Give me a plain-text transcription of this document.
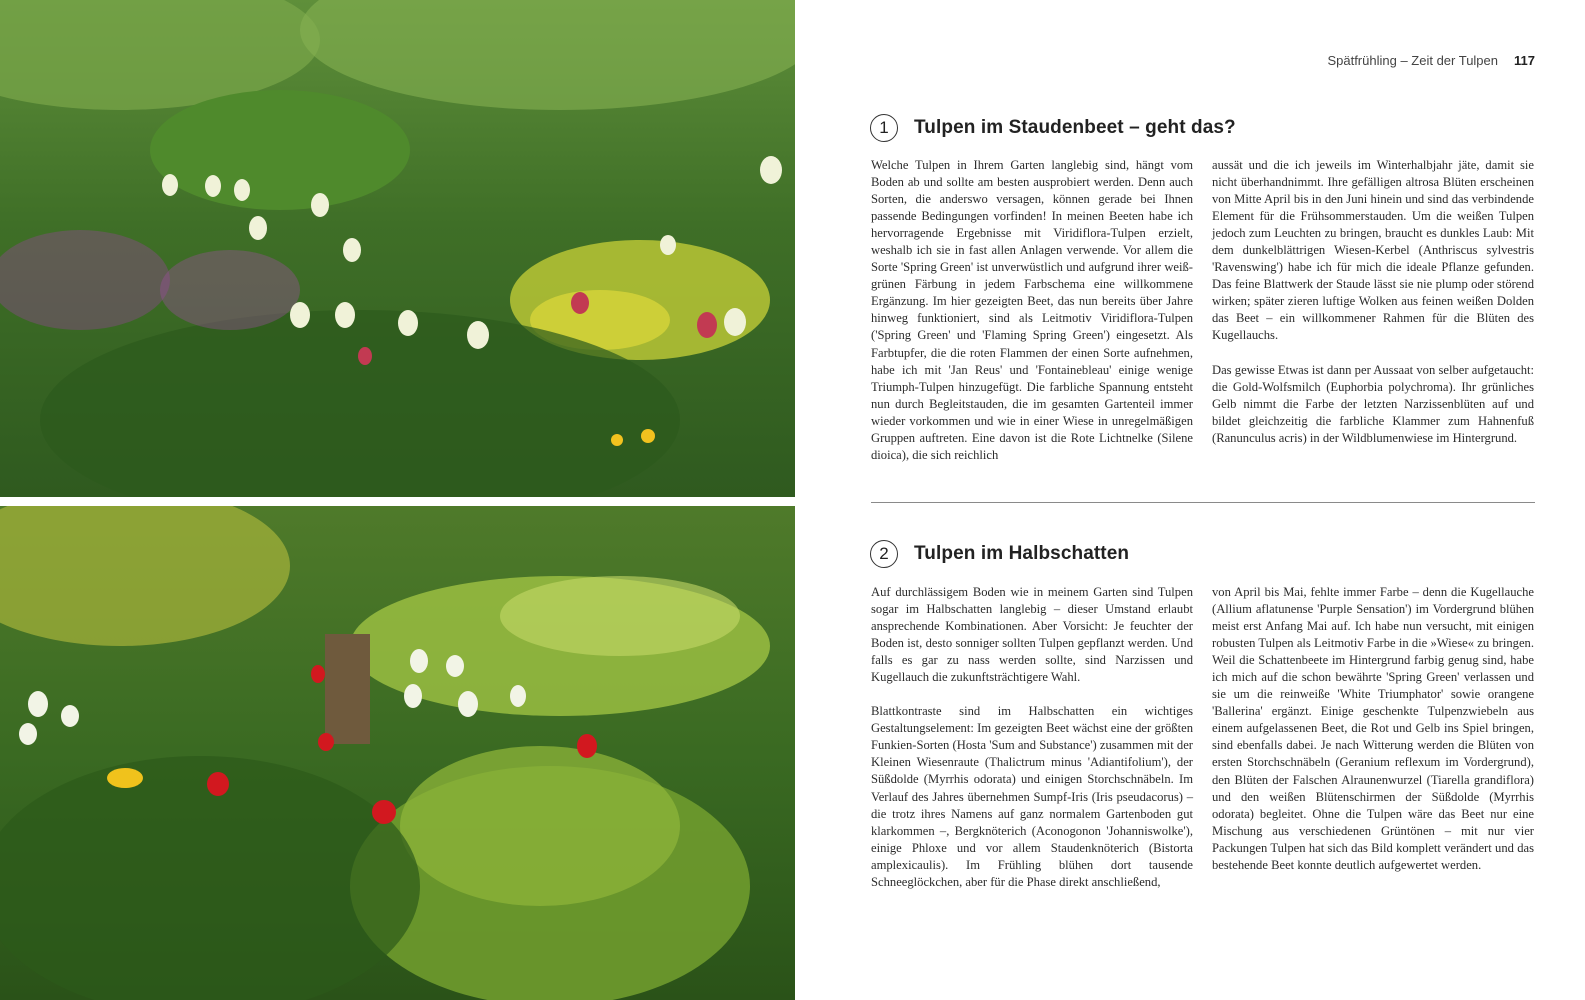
Spätfrühling – Zeit der Tulpen 117
1	Tulpen im Staudenbeet – geht das?

Welche Tulpen in Ihrem Garten langlebig sind, hängt vom Boden ab und sollte am besten ausprobiert werden. Denn auch Sorten, die anderswo versagen, können gerade bei Ihnen passende Bedingungen vorfinden! In meinen Beeten habe ich hervorragende Ergebnisse mit Viridiflora-Tulpen erzielt, weshalb ich sie in fast allen Anlagen verwende. Vor allem die Sorte 'Spring Green' ist unverwüstlich und aufgrund ihrer weiß-grünen Färbung in jedem Farbschema eine willkommene Ergänzung. Im hier gezeigten Beet, das nun bereits über Jahre hinweg funktioniert, sind als Leitmotiv Viridiflora-Tulpen ('Spring Green' und 'Flaming Spring Green') eingesetzt. Als Farbtupfer, die die roten Flammen der einen Sorte aufnehmen, habe ich mit 'Jan Reus' und 'Fontainebleau' einige wenige Triumph-Tulpen hinzugefügt. Die farbliche Spannung entsteht nun durch Begleitstauden, die im gesamten Gartenteil immer wieder vorkommen und wie in einer Wiese in unregelmäßigen Gruppen auftreten. Eine davon ist die Rote Lichtnelke (Silene dioica), die sich reichlich

aussät und die ich jeweils im Winterhalbjahr jäte, damit sie nicht überhandnimmt. Ihre gefälligen altrosa Blüten erscheinen von Mitte April bis in den Juni hinein und sind das verbindende Element für die Frühsommerstauden. Um die weißen Tulpen jedoch zum Leuchten zu bringen, braucht es dunkles Laub: Mit dem dunkelblättrigen Wiesen-Kerbel (Anthriscus sylvestris 'Ravenswing') habe ich für mich die ideale Pflanze gefunden. Das feine Blattwerk der Staude lässt sie nie plump oder störend wirken; später zieren luftige Wolken aus feinen weißen Dolden das Beet – ein willkommener Rahmen für die Blüten des Kugellauchs.

Das gewisse Etwas ist dann per Aussaat von selber aufgetaucht: die Gold-Wolfsmilch (Euphorbia polychroma). Ihr grünliches Gelb nimmt die Farbe der letzten Narzissenblüten auf und bildet gleichzeitig die farbliche Klammer zum Hahnenfuß (Ranunculus acris) in der Wildblumenwiese im Hintergrund.

2	Tulpen im Halbschatten

Auf durchlässigem Boden wie in meinem Garten sind Tulpen sogar im Halbschatten langlebig – dieser Umstand erlaubt ansprechende Kombinationen. Aber Vorsicht: Je feuchter der Boden ist, desto sonniger sollten Tulpen gepflanzt werden. Und falls es gar zu nass werden sollte, sind Narzissen und Kugellauch die zukunftsträchtigere Wahl.

Blattkontraste sind im Halbschatten ein wichtiges Gestaltungselement: Im gezeigten Beet wächst eine der größten Funkien-Sorten (Hosta 'Sum and Substance') zusammen mit der Kleinen Wiesenraute (Thalictrum minus 'Adiantifolium'), der Süßdolde (Myrrhis odorata) und einigen Storchschnäbeln. Im Verlauf des Jahres übernehmen Sumpf-Iris (Iris pseudacorus) – die trotz ihres Namens auf ganz normalem Gartenboden gut klarkommen –, Bergknöterich (Aconogonon 'Johanniswolke'), einige Phloxe und vor allem Staudenknöterich (Bistorta amplexicaulis). Im Frühling blühen dort tausende Schneeglöckchen, aber für die Phase direkt anschließend,

von April bis Mai, fehlte immer Farbe – denn die Kugellauche (Allium aflatunense 'Purple Sensation') im Vordergrund blühen meist erst Anfang Mai auf. Ich habe nun versucht, mit einigen robusten Tulpen als Leitmotiv Farbe in die »Wiese« zu bringen. Weil die Schattenbeete im Hintergrund farbig genug sind, habe ich mich auf die schon bewährte 'Spring Green' verlassen und sie um die reinweiße 'White Triumphator' sowie orangene 'Ballerina' ergänzt. Einige geschenkte Tulpenzwiebeln aus einem aufgelassenen Beet, die Rot und Gelb ins Spiel bringen, sind ebenfalls dabei. Je nach Witterung werden die Blüten von ersten Storchschnäbeln (Geranium reflexum im Vordergrund), den Blüten der Falschen Alraunenwurzel (Tiarella grandiflora) und den weißen Blütenschirmen der Süßdolde (Myrrhis odorata) begleitet. Ohne die Tulpen wäre das Beet nur eine Mischung aus verschiedenen Grüntönen – mit nur vier Packungen Tulpen hat sich das Bild komplett verändert und das bestehende Beet konnte deutlich aufgewertet werden.
